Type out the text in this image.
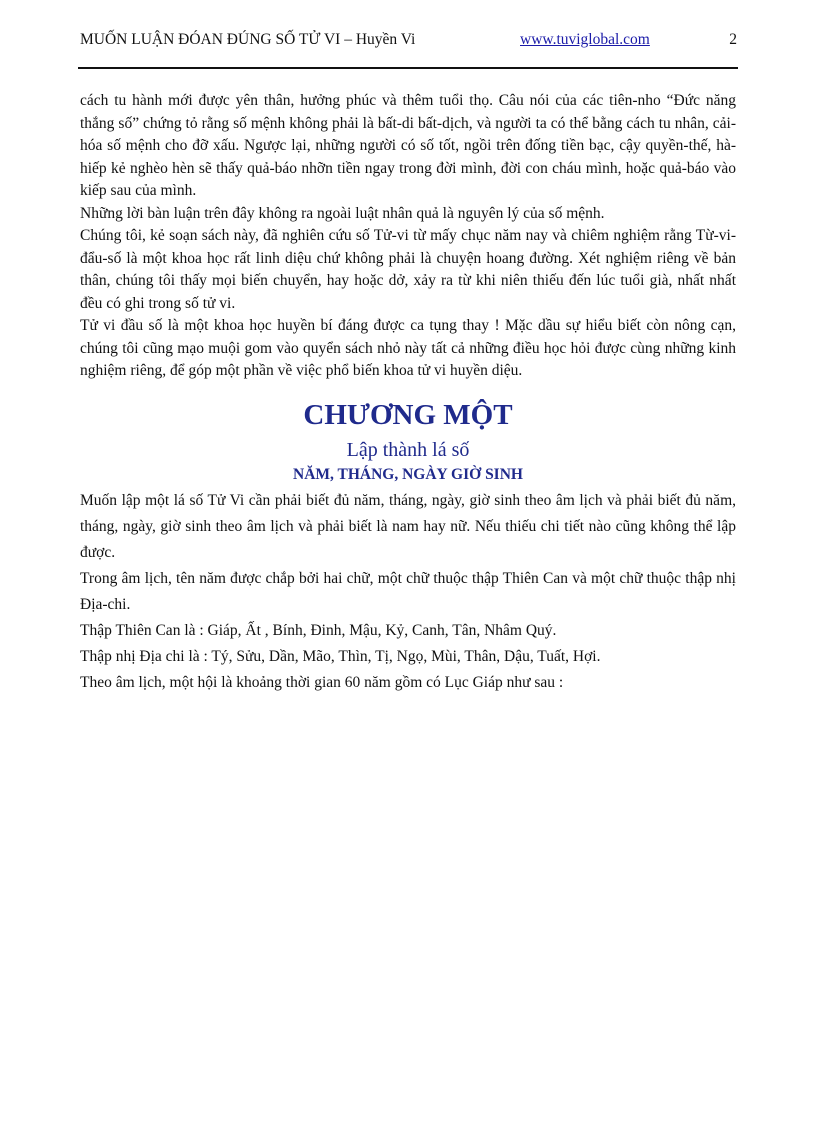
MUỐN LUẬN ĐÓAN ĐÚNG SỐ TỬ VI – Huyền Vi	www.tuviglobal.com	2

cách tu hành mới được yên thân, hưởng phúc và thêm tuổi thọ. Câu nói của các tiên-nho “Đức năng thắng số” chứng tỏ rằng số mệnh không phải là bất-di bất-dịch, và người ta có thể bằng cách tu nhân, cải-hóa số mệnh cho đỡ xấu. Ngược lại, những người có số tốt, ngồi trên đống tiền bạc, cậy quyền-thế, hà-hiếp kẻ nghèo hèn sẽ thấy quả-báo nhỡn tiền ngay trong đời mình, đời con cháu mình, hoặc quả-báo vào kiếp sau của mình.

Những lời bàn luận trên đây không ra ngoài luật nhân quả là nguyên lý của số mệnh.

Chúng tôi, kẻ soạn sách này, đã nghiên cứu số Tử-vi từ mấy chục năm nay và chiêm nghiệm rằng Từ-vi-đẩu-số là một khoa học rất linh diệu chứ không phải là chuyện hoang đường. Xét nghiệm riêng về bản thân, chúng tôi thấy mọi biến chuyển, hay hoặc dở, xảy ra từ khi niên thiếu đến lúc tuổi già, nhất nhất đều có ghi trong số tử vi.

Tử vi đầu số là một khoa học huyền bí đáng được ca tụng thay ! Mặc dầu sự hiểu biết còn nông cạn, chúng tôi cũng mạo muội gom vào quyển sách nhỏ này tất cả những điều học hỏi được cùng những kinh nghiệm riêng, để góp một phần về việc phổ biến khoa tử vi huyền diệu.

CHƯƠNG MỘT
Lập thành lá số
NĂM, THÁNG, NGÀY GIỜ SINH

Muốn lập một lá số Tử Vi cần phải biết đủ năm, tháng, ngày, giờ sinh theo âm lịch và phải biết đủ năm, tháng, ngày, giờ sinh theo âm lịch và phải biết là nam hay nữ. Nếu thiếu chi tiết nào cũng không thể lập được.

Trong âm lịch, tên năm được chắp bởi hai chữ, một chữ thuộc thập Thiên Can và một chữ thuộc thập nhị Địa-chi.

Thập Thiên Can là : Giáp, Ất , Bính, Đinh, Mậu, Kỷ, Canh, Tân, Nhâm Quý.

Thập nhị Địa chi là : Tý, Sửu, Dần, Mão, Thìn, Tị, Ngọ, Mùi, Thân, Dậu, Tuất, Hợi.

Theo âm lịch, một hội là khoảng thời gian 60 năm gồm có Lục Giáp như sau :
